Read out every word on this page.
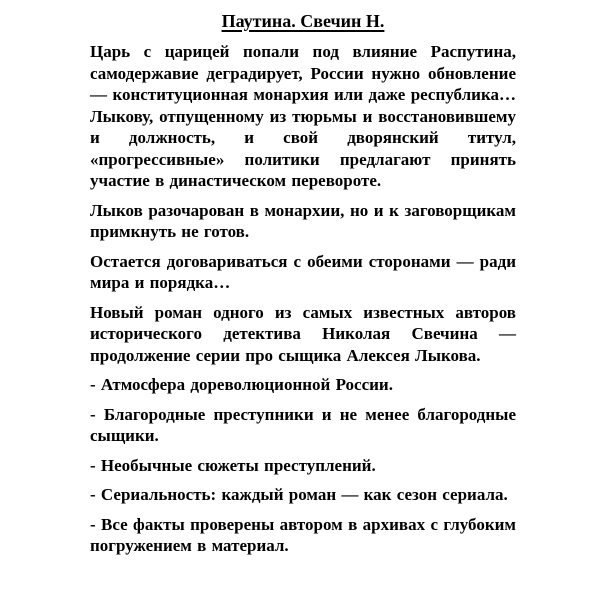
Паутина. Свечин Н.

Царь с царицей попали под влияние Распутина, самодержавие деградирует, России нужно обновление — конституционная монархия или даже республика… Лыкову, отпущенному из тюрьмы и восстановившему и должность, и свой дворянский титул, «прогрессивные» политики предлагают принять участие в династическом перевороте.

Лыков разочарован в монархии, но и к заговорщикам примкнуть не готов.

Остается договариваться с обеими сторонами — ради мира и порядка…

Новый роман одного из самых известных авторов исторического детектива Николая Свечина — продолжение серии про сыщика Алексея Лыкова.

- Атмосфера дореволюционной России.

- Благородные преступники и не менее благородные сыщики.

- Необычные сюжеты преступлений.

- Сериальность: каждый роман — как сезон сериала.

- Все факты проверены автором в архивах с глубоким погружением в материал.
